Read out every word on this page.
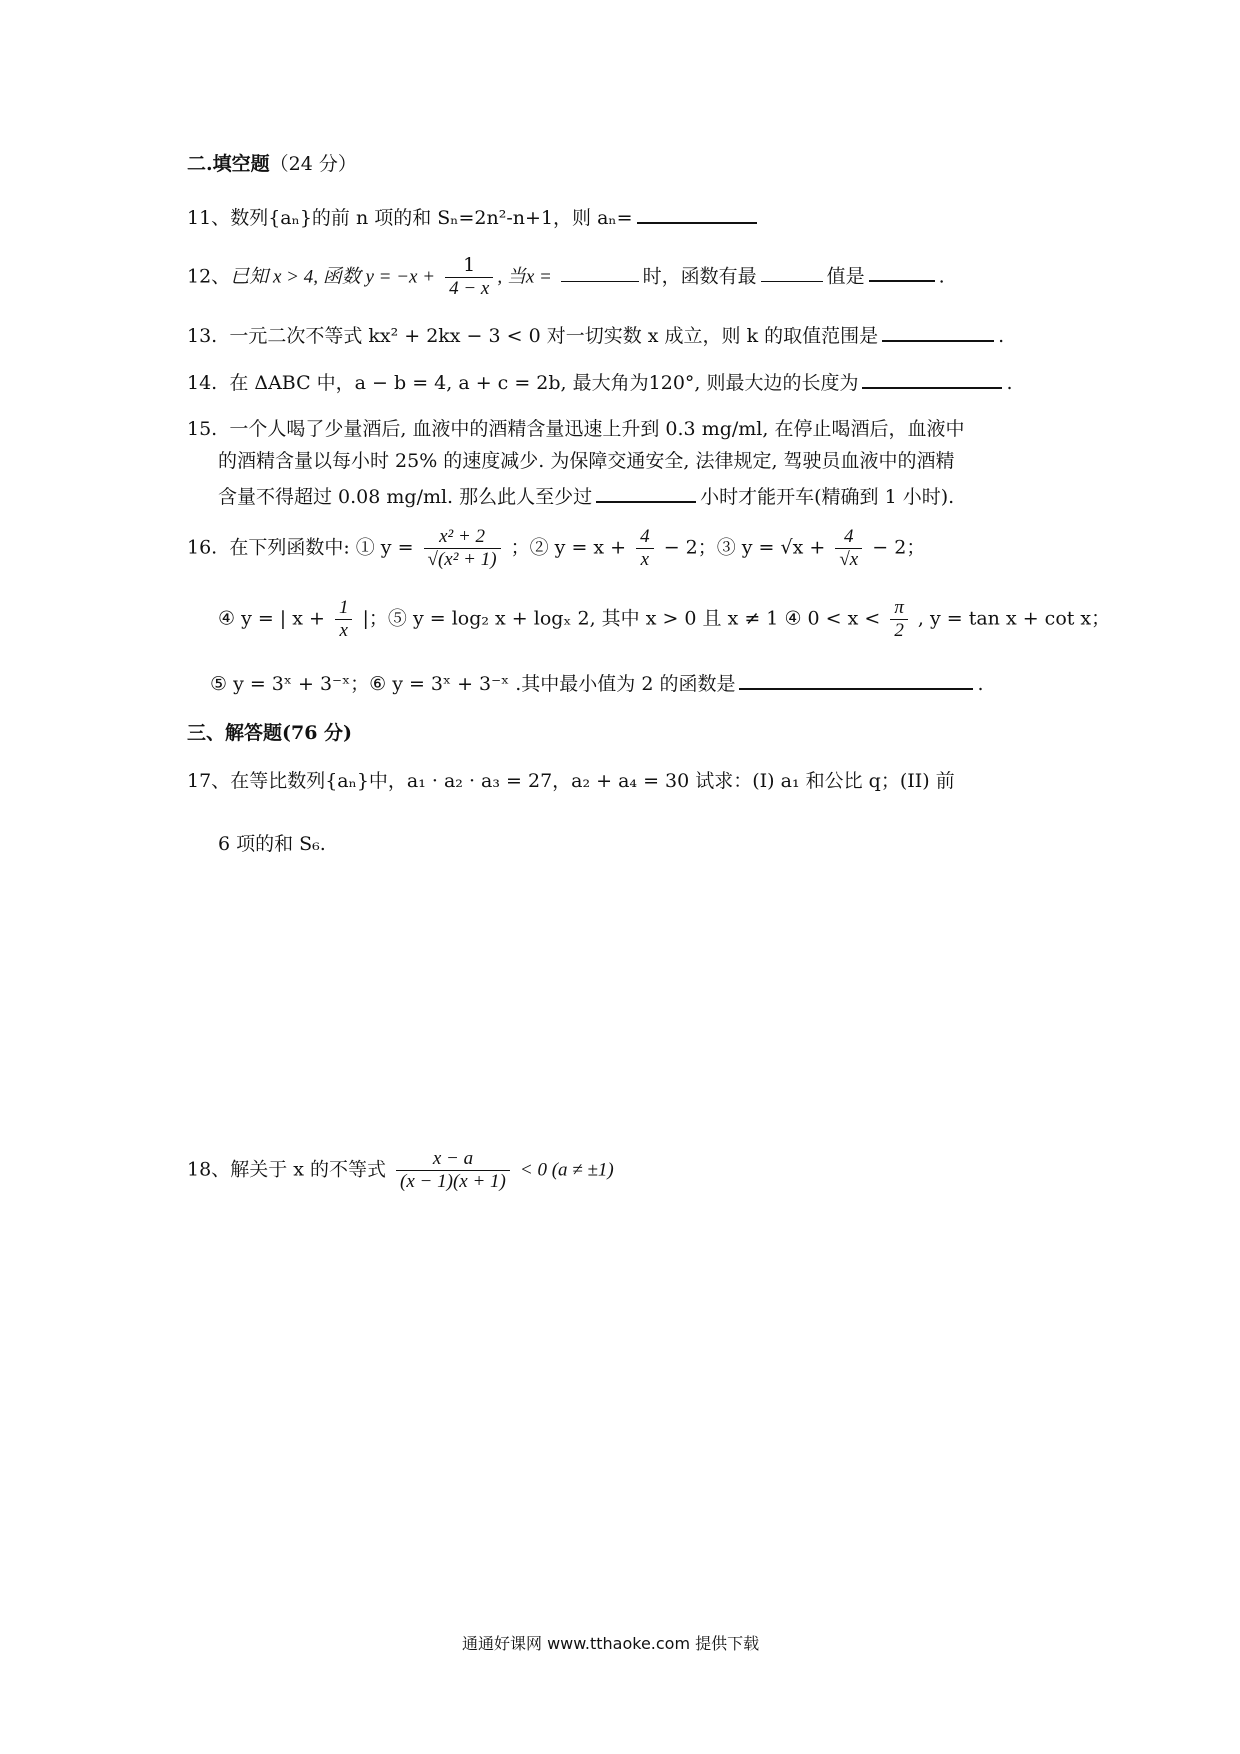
二.填空题（24 分）
11、数列{aₙ}的前 n 项的和 Sₙ=2n²-n+1，则 aₙ=
12、已知 x > 4, 函数 $y = -x + \frac{1}{4 - x}$ , 当x =	时，函数有最	值是	.
13. 一元二次不等式 kx² + 2kx − 3 < 0 对一切实数 x 成立，则 k 的取值范围是	.
14. 在 ΔABC 中，a − b = 4, a + c = 2b, 最大角为120°, 则最大边的长度为	.
15. 一个人喝了少量酒后, 血液中的酒精含量迅速上升到 0.3 mg/ml, 在停止喝酒后，血液中
的酒精含量以每小时 25% 的速度减少. 为保障交通安全, 法律规定, 驾驶员血液中的酒精
含量不得超过 0.08 mg/ml. 那么此人至少过	小时才能开车(精确到 1 小时).
16. 在下列函数中: ① $y = \frac{\text{x² + 2}}{\text{√(x² + 1)}}$ ；② $y = x + \frac{4}{x} - 2$；③ $y = √x + \frac{4}{√x} - 2$；
④ y = | $x + \frac{1}{x}$ |；⑤ y = log₂ x + logₓ 2, 其中 x > 0 且 x ≠ 1 ④ $0 < x < \frac{\pi}{2}$ , y = tan x + cot x；
⑤ y = 3ˣ + 3⁻ˣ；⑥ y = 3ˣ + 3⁻ˣ .其中最小值为 2 的函数是	.
三、解答题(76 分)
17、在等比数列{aₙ}中，a₁ · a₂ · a₃ = 27，a₂ + a₄ = 30 试求：(I) a₁ 和公比 q；(II) 前
6 项的和 S₆.
18、解关于 x 的不等式 $\frac{x - a}{(x - 1)(x + 1)} < 0$ (a ≠ ±1)
通通好课网 www.tthaoke.com 提供下载
